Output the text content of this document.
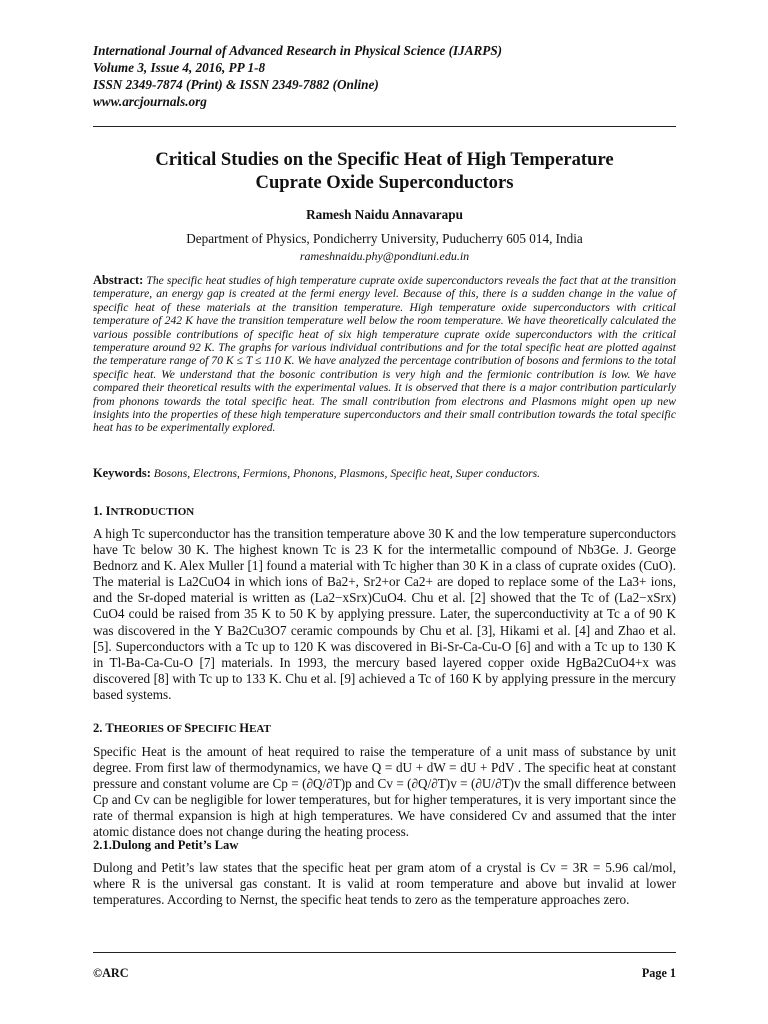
International Journal of Advanced Research in Physical Science (IJARPS)
Volume 3, Issue 4, 2016, PP 1-8
ISSN 2349-7874 (Print) & ISSN 2349-7882 (Online)
www.arcjournals.org
Critical Studies on the Specific Heat of High Temperature
Cuprate Oxide Superconductors
Ramesh Naidu Annavarapu
Department of Physics, Pondicherry University, Puducherry 605 014, India
rameshnaidu.phy@pondiuni.edu.in
Abstract: The specific heat studies of high temperature cuprate oxide superconductors reveals the fact that at the transition temperature, an energy gap is created at the fermi energy level. Because of this, there is a sudden change in the value of specific heat of these materials at the transition temperature. High temperature oxide superconductors with critical temperature of 242 K have the transition temperature well below the room temperature. We have theoretically calculated the various possible contributions of specific heat of six high temperature cuprate oxide superconductors with the critical temperature around 92 K. The graphs for various individual contributions and for the total specific heat are plotted against the temperature range of 70 K ≤ T ≤ 110 K. We have analyzed the percentage contribution of bosons and fermions to the total specific heat. We understand that the bosonic contribution is very high and the fermionic contribution is low. We have compared their theoretical results with the experimental values. It is observed that there is a major contribution particularly from phonons towards the total specific heat. The small contribution from electrons and Plasmons might open up new insights into the properties of these high temperature superconductors and their small contribution towards the total specific heat has to be experimentally explored.
Keywords: Bosons, Electrons, Fermions, Phonons, Plasmons, Specific heat, Super conductors.
1. INTRODUCTION

A high Tc superconductor has the transition temperature above 30 K and the low temperature superconductors have Tc below 30 K. The highest known Tc is 23 K for the intermetallic compound of Nb3Ge. J. George Bednorz and K. Alex Muller [1] found a material with Tc higher than 30 K in a class of cuprate oxides (CuO). The material is La2CuO4 in which ions of Ba2+, Sr2+or Ca2+ are doped to replace some of the La3+ ions, and the Sr-doped material is written as (La2−xSrx)CuO4. Chu et al. [2] showed that the Tc of (La2−xSrx) CuO4 could be raised from 35 K to 50 K by applying pressure. Later, the superconductivity at Tc a of 90 K was discovered in the Y Ba2Cu3O7 ceramic compounds by Chu et al. [3], Hikami et al. [4] and Zhao et al. [5]. Superconductors with a Tc up to 120 K was discovered in Bi-Sr-Ca-Cu-O [6] and with a Tc up to 130 K in Tl-Ba-Ca-Cu-O [7] materials. In 1993, the mercury based layered copper oxide HgBa2CuO4+x was discovered [8] with Tc up to 133 K. Chu et al. [9] achieved a Tc of 160 K by applying pressure in the mercury based systems.

2. THEORIES OF SPECIFIC HEAT

Specific Heat is the amount of heat required to raise the temperature of a unit mass of substance by unit degree. From first law of thermodynamics, we have Q = dU + dW = dU + PdV . The specific heat at constant pressure and constant volume are Cp = (∂Q/∂T)p and Cv = (∂Q/∂T)v = (∂U/∂T)v the small difference between Cp and Cv can be negligible for lower temperatures, but for higher temperatures, it is very important since the rate of thermal expansion is high at high temperatures. We have considered Cv and assumed that the inter atomic distance does not change during the heating process.

2.1.Dulong and Petit’s Law

Dulong and Petit’s law states that the specific heat per gram atom of a crystal is Cv = 3R = 5.96 cal/mol, where R is the universal gas constant. It is valid at room temperature and above but invalid at lower temperatures. According to Nernst, the specific heat tends to zero as the temperature approaches zero.

©ARC	Page 1
